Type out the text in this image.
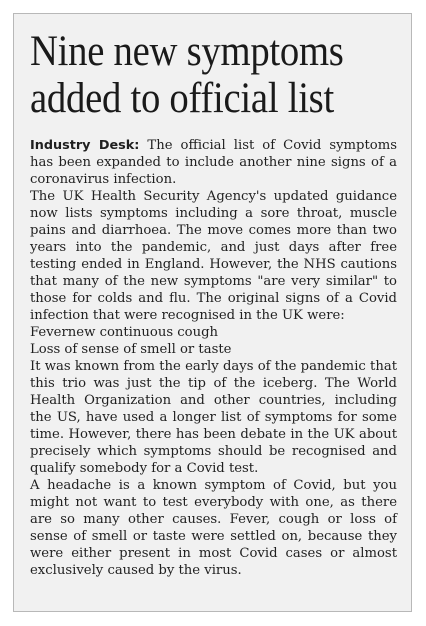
Nine new symptoms
added to official list

Industry Desk: The official list of Covid symptoms has been expanded to include another nine signs of a coronavirus infection.

The UK Health Security Agency's updated guidance now lists symptoms including a sore throat, muscle pains and diarrhoea. The move comes more than two years into the pandemic, and just days after free testing ended in England. However, the NHS cautions that many of the new symptoms "are very similar" to those for colds and flu. The original signs of a Covid infection that were recognised in the UK were:

Fevernew continuous cough

Loss of sense of smell or taste

It was known from the early days of the pandemic that this trio was just the tip of the iceberg. The World Health Organization and other countries, including the US, have used a longer list of symptoms for some time. However, there has been debate in the UK about precisely which symptoms should be recognised and qualify somebody for a Covid test.

A headache is a known symptom of Covid, but you might not want to test everybody with one, as there are so many other causes. Fever, cough or loss of sense of smell or taste were settled on, because they were either present in most Covid cases or almost exclusively caused by the virus.
